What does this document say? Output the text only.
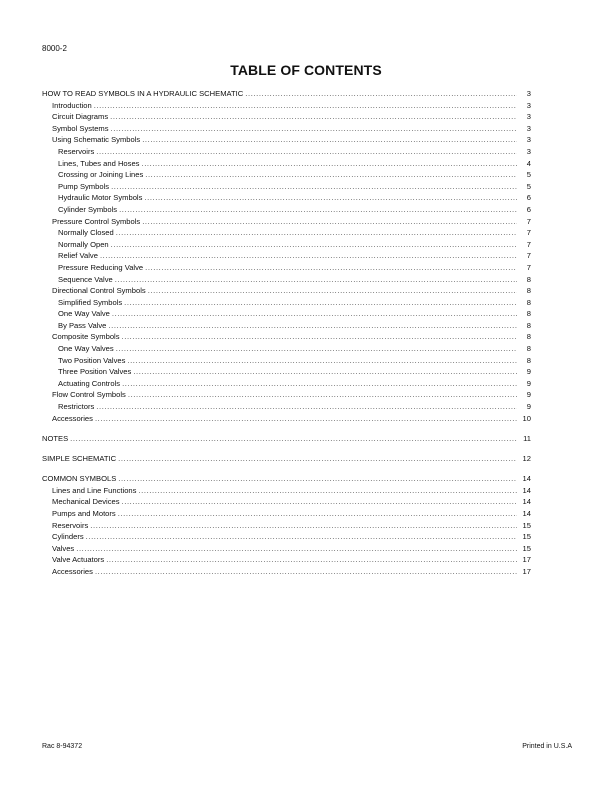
8000-2
TABLE OF CONTENTS
HOW TO READ SYMBOLS IN A HYDRAULIC SCHEMATIC .....	3
Introduction .....	3
Circuit Diagrams .....	3
Symbol Systems .....	3
Using Schematic Symbols .....	3
Reservoirs .....	3
Lines, Tubes and Hoses .....	4
Crossing or Joining Lines .....	5
Pump Symbols .....	5
Hydraulic Motor Symbols .....	6
Cylinder Symbols .....	6
Pressure Control Symbols .....	7
Normally Closed .....	7
Normally Open .....	7
Relief Valve .....	7
Pressure Reducing Valve .....	7
Sequence Valve .....	8
Directional Control Symbols .....	8
Simplified Symbols .....	8
One Way Valve .....	8
By Pass Valve .....	8
Composite Symbols .....	8
One Way Valves .....	8
Two Position Valves .....	8
Three Position Valves .....	9
Actuating Controls .....	9
Flow Control Symbols .....	9
Restrictors .....	9
Accessories .....	10
NOTES .....	11
SIMPLE SCHEMATIC .....	12
COMMON SYMBOLS .....	14
Lines and Line Functions .....	14
Mechanical Devices .....	14
Pumps and Motors .....	14
Reservoirs .....	15
Cylinders .....	15
Valves .....	15
Valve Actuators .....	17
Accessories .....	17
Rac 8-94372	Printed in U.S.A
